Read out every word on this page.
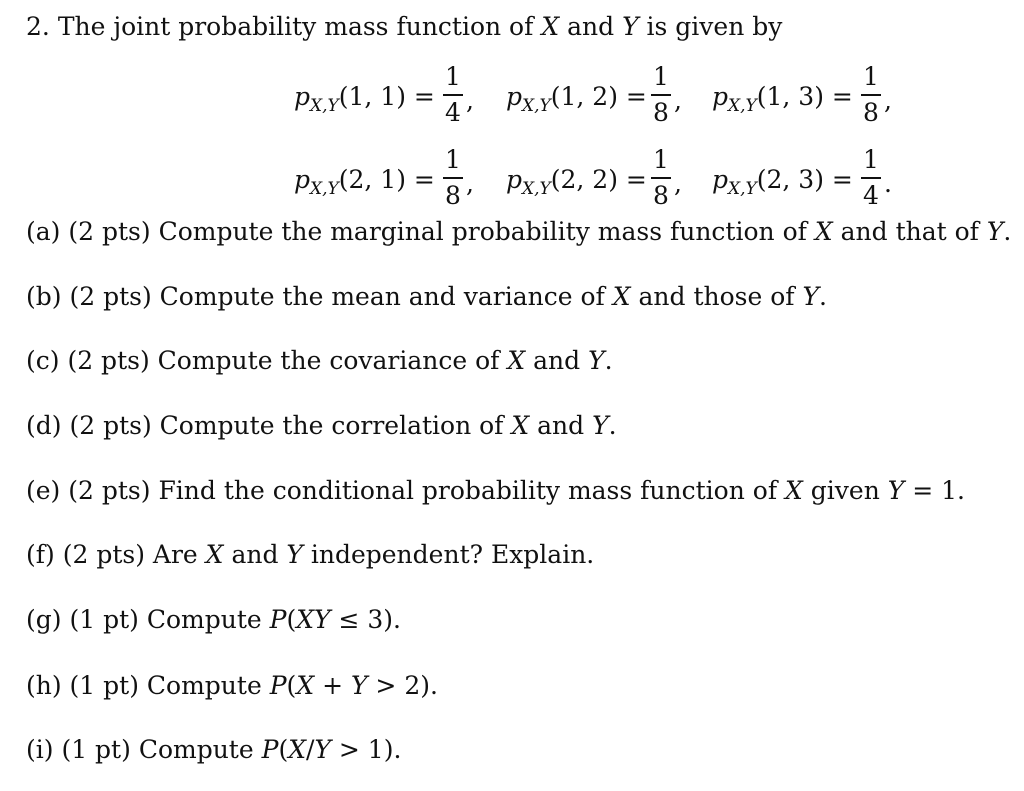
2. The joint probability mass function of X and Y is given by
$p_{X,Y}(1$, 1) =
1
4 , $p_{X,Y}(1$, 2) =
1
8 , $p_{X,Y}(1$, 3) =
1
8 ,
$p_{X,Y}(2$, 1) =
1
8 , $p_{X,Y}(2$, 2) =
1
8 , $p_{X,Y}(2$, 3) =
1
4 .
(a) (2 pts) Compute the marginal probability mass function of X and that of Y.
(b) (2 pts) Compute the mean and variance of X and those of Y.
(c) (2 pts) Compute the covariance of X and Y.
(d) (2 pts) Compute the correlation of X and Y.
(e) (2 pts) Find the conditional probability mass function of X given Y = 1.
(f) (2 pts) Are X and Y independent? Explain.
(g) (1 pt) Compute P(XY ≤ 3).
(h) (1 pt) Compute P(X + Y > 2).
(i) (1 pt) Compute P(X/Y > 1).
